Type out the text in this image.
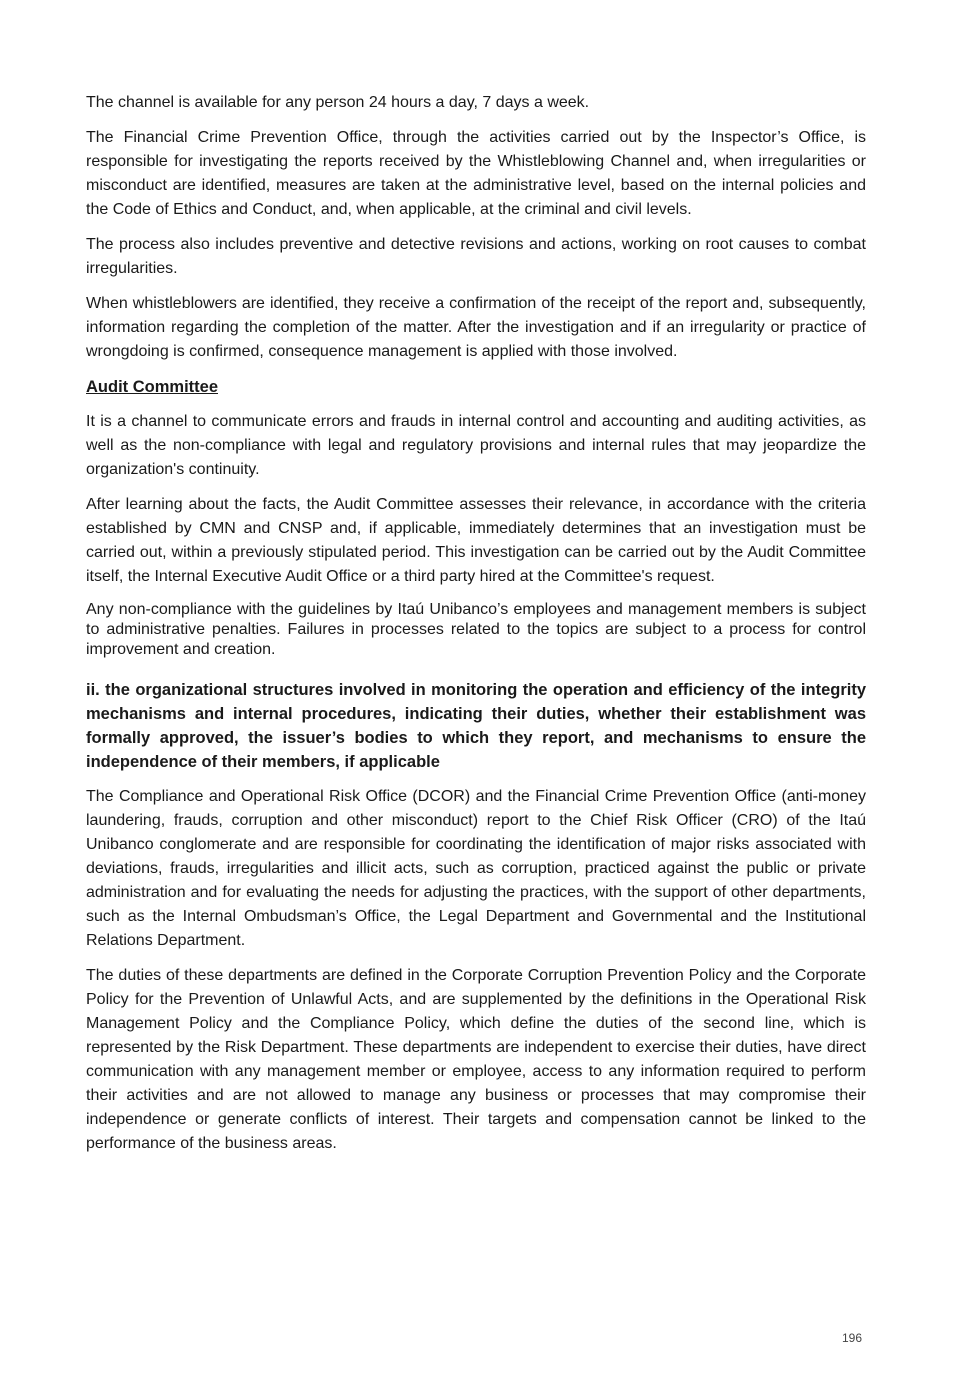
The channel is available for any person 24 hours a day, 7 days a week.

The Financial Crime Prevention Office, through the activities carried out by the Inspector’s Office, is responsible for investigating the reports received by the Whistleblowing Channel and, when irregularities or misconduct are identified, measures are taken at the administrative level, based on the internal policies and the Code of Ethics and Conduct, and, when applicable, at the criminal and civil levels.

The process also includes preventive and detective revisions and actions, working on root causes to combat irregularities.

When whistleblowers are identified, they receive a confirmation of the receipt of the report and, subsequently, information regarding the completion of the matter. After the investigation and if an irregularity or practice of wrongdoing is confirmed, consequence management is applied with those involved.

Audit Committee

It is a channel to communicate errors and frauds in internal control and accounting and auditing activities, as well as the non-compliance with legal and regulatory provisions and internal rules that may jeopardize the organization's continuity.

After learning about the facts, the Audit Committee assesses their relevance, in accordance with the criteria established by CMN and CNSP and, if applicable, immediately determines that an investigation must be carried out, within a previously stipulated period. This investigation can be carried out by the Audit Committee itself, the Internal Executive Audit Office or a third party hired at the Committee's request.

Any non-compliance with the guidelines by Itaú Unibanco’s employees and management members is subject to administrative penalties. Failures in processes related to the topics are subject to a process for control improvement and creation.

ii. the organizational structures involved in monitoring the operation and efficiency of the integrity mechanisms and internal procedures, indicating their duties, whether their establishment was formally approved, the issuer’s bodies to which they report, and mechanisms to ensure the independence of their members, if applicable

The Compliance and Operational Risk Office (DCOR) and the Financial Crime Prevention Office (anti-money laundering, frauds, corruption and other misconduct) report to the Chief Risk Officer (CRO) of the Itaú Unibanco conglomerate and are responsible for coordinating the identification of major risks associated with deviations, frauds, irregularities and illicit acts, such as corruption, practiced against the public or private administration and for evaluating the needs for adjusting the practices, with the support of other departments, such as the Internal Ombudsman’s Office, the Legal Department and Governmental and the Institutional Relations Department.

The duties of these departments are defined in the Corporate Corruption Prevention Policy and the Corporate Policy for the Prevention of Unlawful Acts, and are supplemented by the definitions in the Operational Risk Management Policy and the Compliance Policy, which define the duties of the second line, which is represented by the Risk Department. These departments are independent to exercise their duties, have direct communication with any management member or employee, access to any information required to perform their activities and are not allowed to manage any business or processes that may compromise their independence or generate conflicts of interest. Their targets and compensation cannot be linked to the performance of the business areas.

196
